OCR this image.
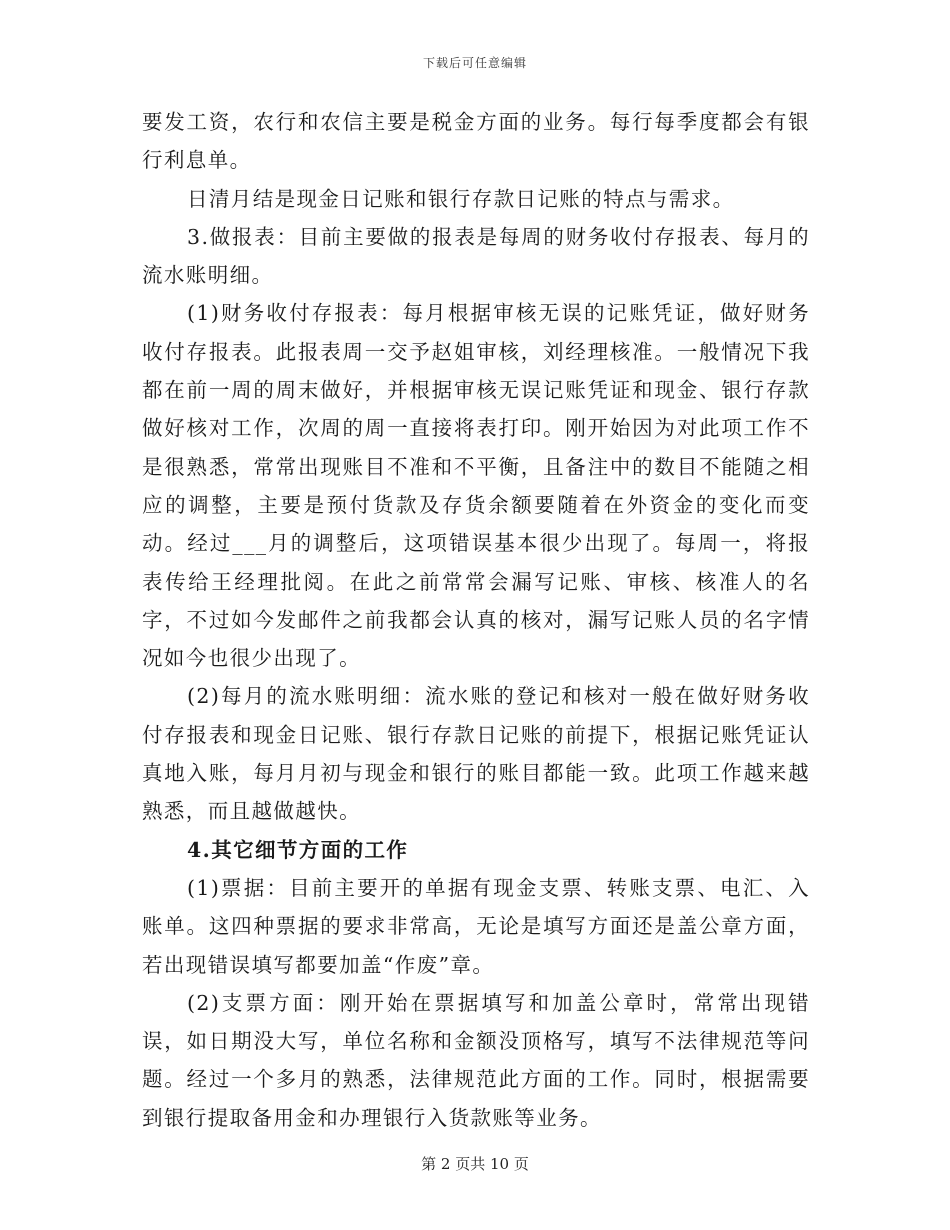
下载后可任意编辑

要发工资，农行和农信主要是税金方面的业务。每行每季度都会有银行利息单。

日清月结是现金日记账和银行存款日记账的特点与需求。

3.做报表：目前主要做的报表是每周的财务收付存报表、每月的流水账明细。

(1)财务收付存报表：每月根据审核无误的记账凭证，做好财务收付存报表。此报表周一交予赵姐审核，刘经理核准。一般情况下我都在前一周的周末做好，并根据审核无误记账凭证和现金、银行存款做好核对工作，次周的周一直接将表打印。刚开始因为对此项工作不是很熟悉，常常出现账目不准和不平衡，且备注中的数目不能随之相应的调整，主要是预付货款及存货余额要随着在外资金的变化而变动。经过___月的调整后，这项错误基本很少出现了。每周一，将报表传给王经理批阅。在此之前常常会漏写记账、审核、核准人的名字，不过如今发邮件之前我都会认真的核对，漏写记账人员的名字情况如今也很少出现了。

(2)每月的流水账明细：流水账的登记和核对一般在做好财务收付存报表和现金日记账、银行存款日记账的前提下，根据记账凭证认真地入账，每月月初与现金和银行的账目都能一致。此项工作越来越熟悉，而且越做越快。

4.其它细节方面的工作

(1)票据：目前主要开的单据有现金支票、转账支票、电汇、入账单。这四种票据的要求非常高，无论是填写方面还是盖公章方面，若出现错误填写都要加盖“作废”章。

(2)支票方面：刚开始在票据填写和加盖公章时，常常出现错误，如日期没大写，单位名称和金额没顶格写，填写不法律规范等问题。经过一个多月的熟悉，法律规范此方面的工作。同时，根据需要到银行提取备用金和办理银行入货款账等业务。

第 2 页共 10 页
